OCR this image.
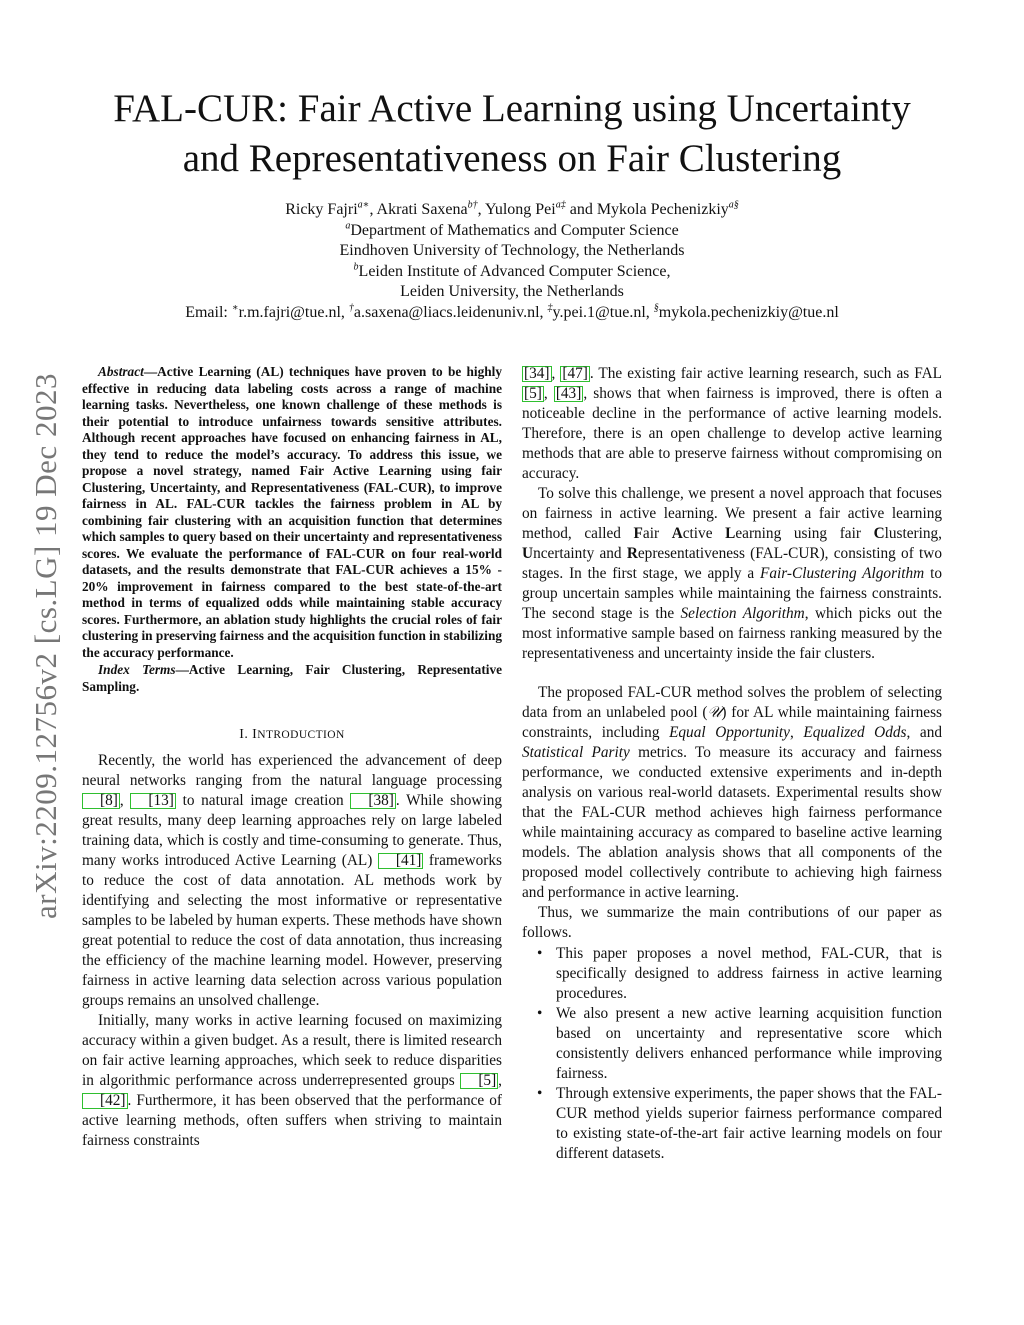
FAL-CUR: Fair Active Learning using Uncertainty
and Representativeness on Fair Clustering
Ricky Fajri$^{a∗}$, Akrati Saxena$^{b\dagger}$, Yulong Pei$^{a\ddagger}$ and Mykola Pechenizkiy$^{a\S}$
$^a$Department of Mathematics and Computer Science
Eindhoven University of Technology, the Netherlands
$^b$Leiden Institute of Advanced Computer Science,
Leiden University, the Netherlands
Email: ∗r.m.fajri@tue.nl, †a.saxena@liacs.leidenuniv.nl, ‡y.pei.1@tue.nl, §mykola.pechenizkiy@tue.nl
arXiv:2209.12756v2 [cs.LG] 19 Dec 2023

Abstract—Active Learning (AL) techniques have proven to be highly effective in reducing data labeling costs across a range of machine learning tasks. Nevertheless, one known challenge of these methods is their potential to introduce unfairness towards sensitive attributes. Although recent approaches have focused on enhancing fairness in AL, they tend to reduce the model’s accuracy. To address this issue, we propose a novel strategy, named Fair Active Learning using fair Clustering, Uncertainty, and Representativeness (FAL-CUR), to improve fairness in AL. FAL-CUR tackles the fairness problem in AL by combining fair clustering with an acquisition function that determines which samples to query based on their uncertainty and representativeness scores. We evaluate the performance of FAL-CUR on four real-world datasets, and the results demonstrate that FAL-CUR achieves a 15% - 20% improvement in fairness compared to the best state-of-the-art method in terms of equalized odds while maintaining stable accuracy scores. Furthermore, an ablation study highlights the crucial roles of fair clustering in preserving fairness and the acquisition function in stabilizing the accuracy performance.

Index Terms—Active Learning, Fair Clustering, Representative Sampling.

I. INTRODUCTION

Recently, the world has experienced the advancement of deep neural networks ranging from the natural language processing [8] , [13] to natural image creation [38] . While showing great results, many deep learning approaches rely on large labeled training data, which is costly and time-consuming to generate. Thus, many works introduced Active Learning (AL) [41] frameworks to reduce the cost of data annotation. AL methods work by identifying and selecting the most informative or representative samples to be labeled by human experts. These methods have shown great potential to reduce the cost of data annotation, thus increasing the efficiency of the machine learning model. However, preserving fairness in active learning data selection across various population groups remains an unsolved challenge.

Initially, many works in active learning focused on maximizing accuracy within a given budget. As a result, there is limited research on fair active learning approaches, which seek to reduce disparities in algorithmic performance across underrepresented groups [5] , [42] . Furthermore, it has been observed that the performance of active learning methods, often suffers when striving to maintain fairness constraints

[34] , [47] . The existing fair active learning research, such as FAL [5] , [43] , shows that when fairness is improved, there is often a noticeable decline in the performance of active learning models. Therefore, there is an open challenge to develop active learning methods that are able to preserve fairness without compromising on accuracy.

To solve this challenge, we present a novel approach that focuses on fairness in active learning. We present a fair active learning method, called Fair Active Learning using fair Clustering, Uncertainty and Representativeness (FAL-CUR), consisting of two stages. In the first stage, we apply a Fair-Clustering Algorithm to group uncertain samples while maintaining the fairness constraints. The second stage is the Selection Algorithm, which picks out the most informative sample based on fairness ranking measured by the representativeness and uncertainty inside the fair clusters.

The proposed FAL-CUR method solves the problem of selecting data from an unlabeled pool (𝒰) for AL while maintaining fairness constraints, including Equal Opportunity, Equalized Odds, and Statistical Parity metrics. To measure its accuracy and fairness performance, we conducted extensive experiments and in-depth analysis on various real-world datasets. Experimental results show that the FAL-CUR method achieves high fairness performance while maintaining accuracy as compared to baseline active learning models. The ablation analysis shows that all components of the proposed model collectively contribute to achieving high fairness and performance in active learning.

Thus, we summarize the main contributions of our paper as follows.

• This paper proposes a novel method, FAL-CUR, that is specifically designed to address fairness in active learning procedures.
• We also present a new active learning acquisition function based on uncertainty and representative score which consistently delivers enhanced performance while improving fairness.
• Through extensive experiments, the paper shows that the FAL-CUR method yields superior fairness performance compared to existing state-of-the-art fair active learning models on four different datasets.
